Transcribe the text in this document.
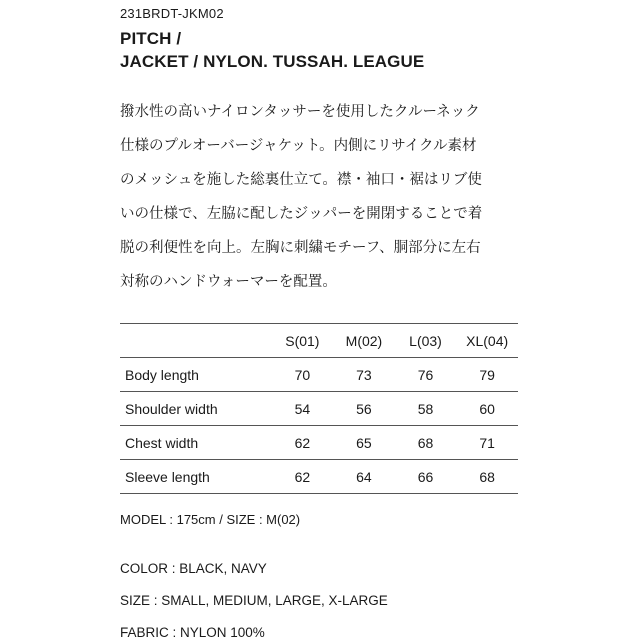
231BRDT-JKM02
PITCH /
JACKET / NYLON. TUSSAH. LEAGUE
撥水性の高いナイロンタッサーを使用したクルーネック
仕様のプルオーバージャケット。内側にリサイクル素材
のメッシュを施した総裏仕立て。襟・袖口・裾はリブ使
いの仕様で、左脇に配したジッパーを開閉することで着
脱の利便性を向上。左胸に刺繍モチーフ、胴部分に左右
対称のハンドウォーマーを配置。
	S(01)	M(02)	L(03)	XL(04)
Body length	70	73	76	79
Shoulder width	54	56	58	60
Chest width	62	65	68	71
Sleeve length	62	64	66	68
MODEL : 175cm / SIZE : M(02)
COLOR : BLACK, NAVY
SIZE : SMALL, MEDIUM, LARGE, X-LARGE
FABRIC : NYLON 100%
